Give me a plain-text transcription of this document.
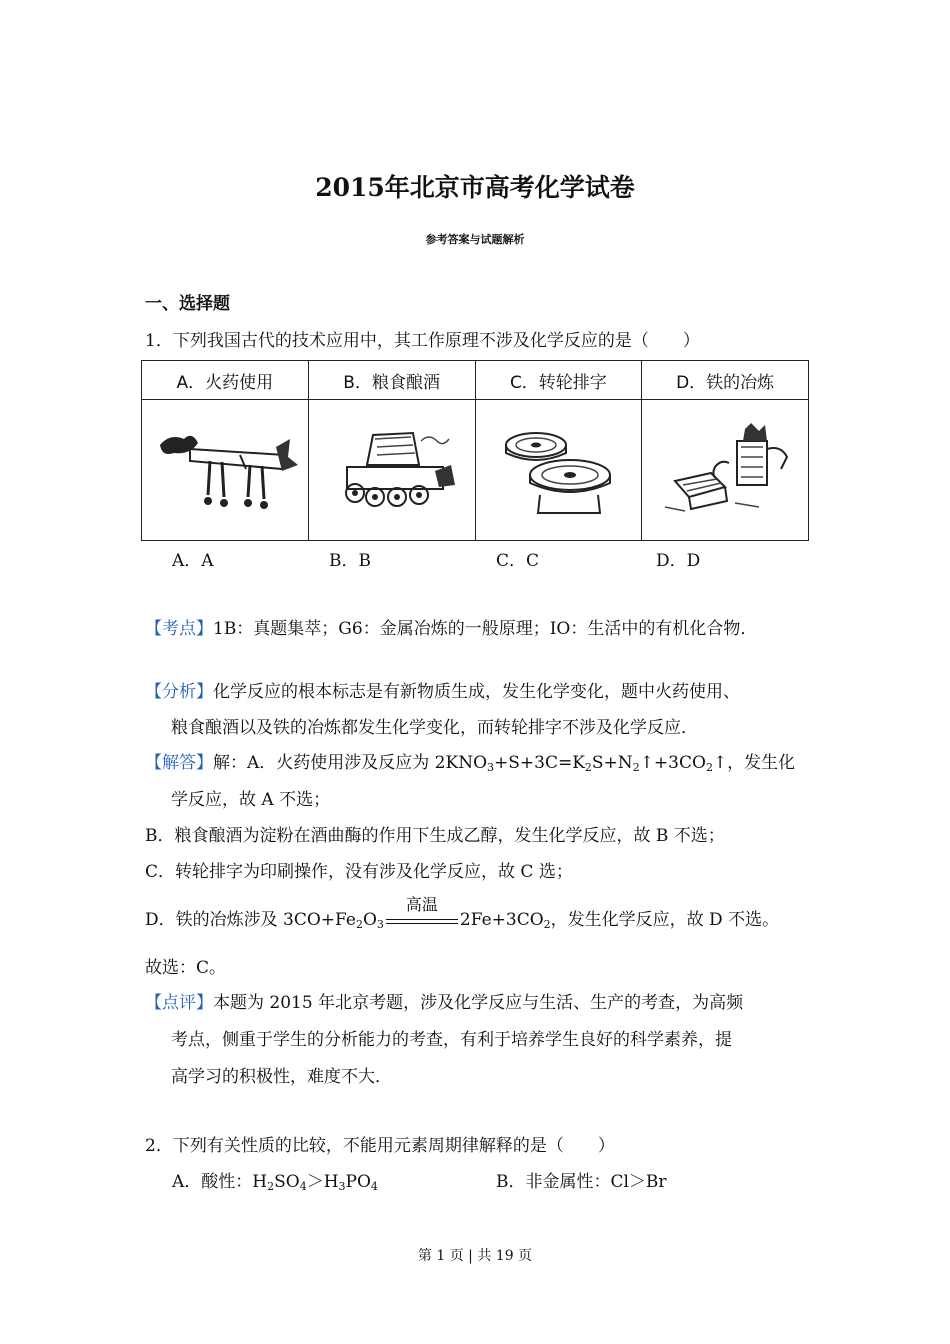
2015年北京市高考化学试卷
参考答案与试题解析
一、选择题
1．下列我国古代的技术应用中，其工作原理不涉及化学反应的是（　　）
A．火药使用	B．粮食酿酒	C．转轮排字	D．铁的冶炼

A．A	B．B	C．C	D．D
【考点】1B：真题集萃；G6：金属冶炼的一般原理；IO：生活中的有机化合物．
【分析】化学反应的根本标志是有新物质生成，发生化学变化，题中火药使用、
粮食酿酒以及铁的冶炼都发生化学变化，而转轮排字不涉及化学反应．
【解答】解：A．火药使用涉及反应为 $2KNO_3+S+3C=K_2S+N_2↑+3CO_2↑$，发生化
学反应，故 A 不选；
B．粮食酿酒为淀粉在酒曲酶的作用下生成乙醇，发生化学反应，故 B 不选；
C．转轮排字为印刷操作，没有涉及化学反应，故 C 选；
D．铁的冶炼涉及 $3CO+Fe_2O_3$
高温
$2Fe+3CO_2$，发生化学反应，故 D 不选。
故选：C。
【点评】本题为 2015 年北京考题，涉及化学反应与生活、生产的考查，为高频
考点，侧重于学生的分析能力的考查，有利于培养学生良好的科学素养，提
高学习的积极性，难度不大．
2．下列有关性质的比较，不能用元素周期律解释的是（　　）
A．酸性：$H_2SO_4>H_3PO_4$	B．非金属性：Cl＞Br
第 1 页 | 共 19 页
